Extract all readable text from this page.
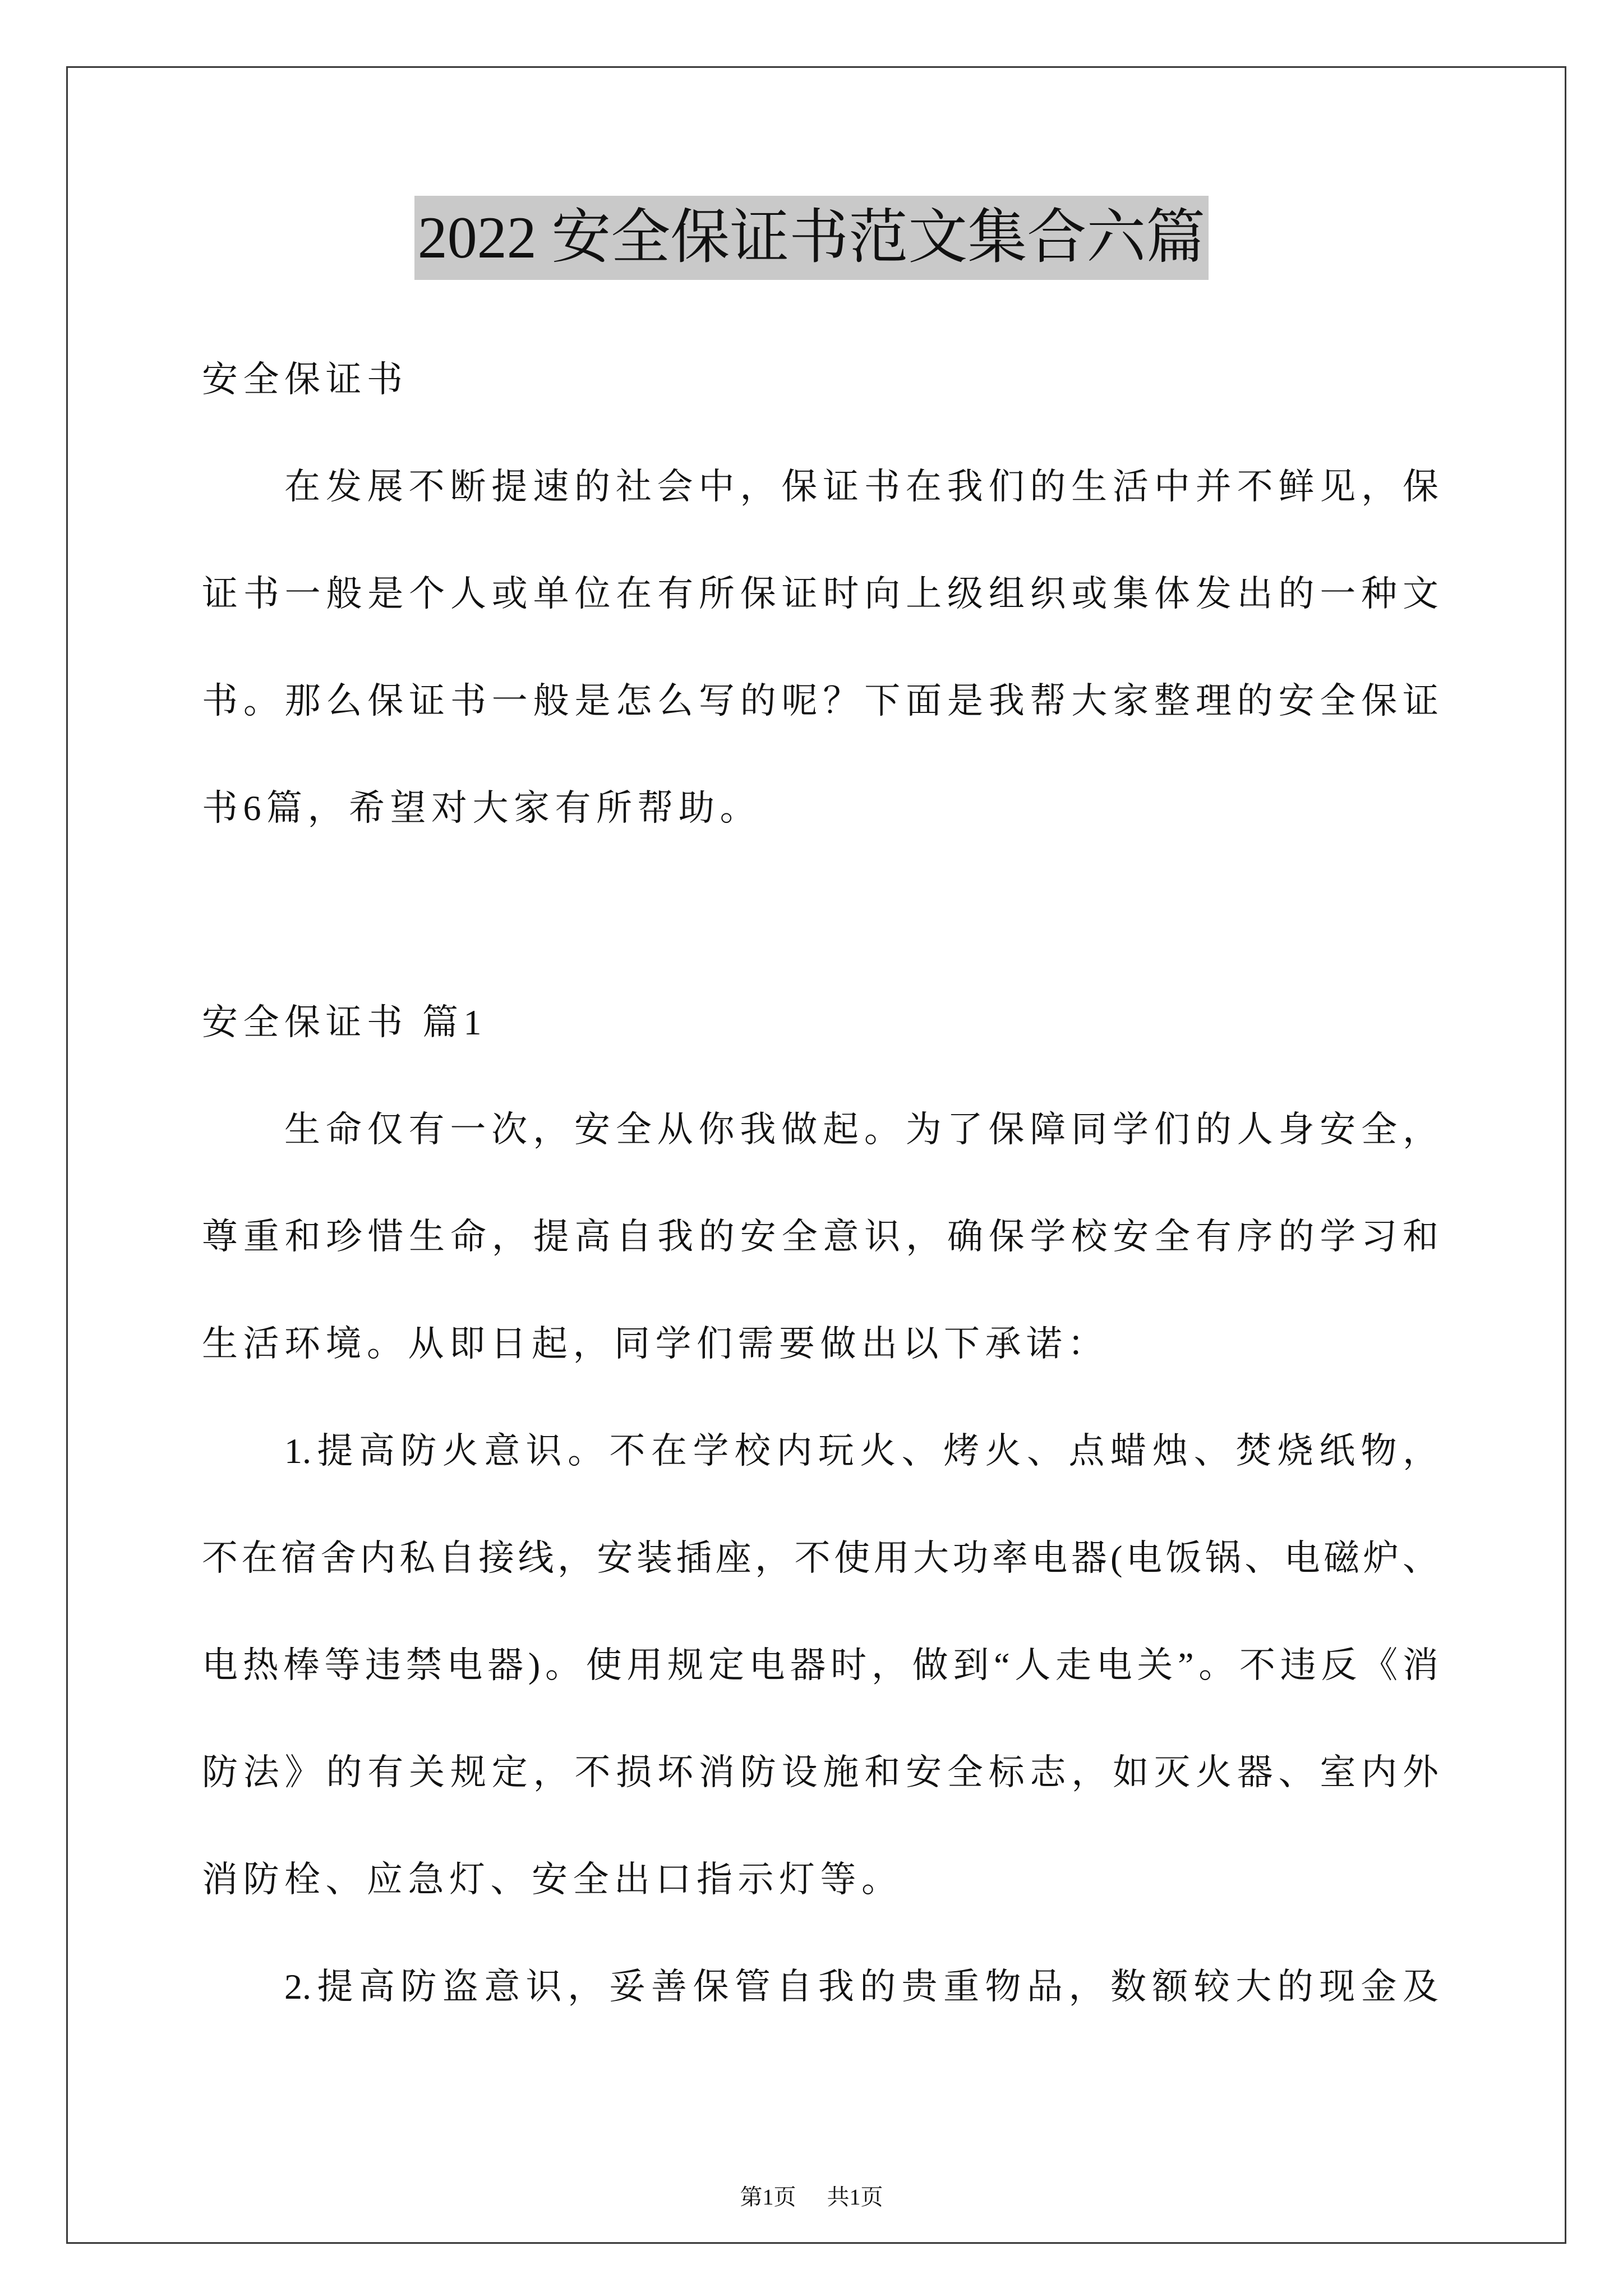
2022 安全保证书范文集合六篇
安全保证书
在发展不断提速的社会中，保证书在我们的生活中并不鲜见，保
证书一般是个人或单位在有所保证时向上级组织或集体发出的一种文
书。那么保证书一般是怎么写的呢？下面是我帮大家整理的安全保证
书6篇，希望对大家有所帮助。
安全保证书 篇1
生命仅有一次，安全从你我做起。为了保障同学们的人身安全，
尊重和珍惜生命，提高自我的安全意识，确保学校安全有序的学习和
生活环境。从即日起，同学们需要做出以下承诺：
1.提高防火意识。不在学校内玩火、烤火、点蜡烛、焚烧纸物，
不在宿舍内私自接线，安装插座，不使用大功率电器(电饭锅、电磁炉、
电热棒等违禁电器)。使用规定电器时，做到“人走电关”。不违反《消
防法》的有关规定，不损坏消防设施和安全标志，如灭火器、室内外
消防栓、应急灯、安全出口指示灯等。
2.提高防盗意识，妥善保管自我的贵重物品，数额较大的现金及
第1页 共1页
